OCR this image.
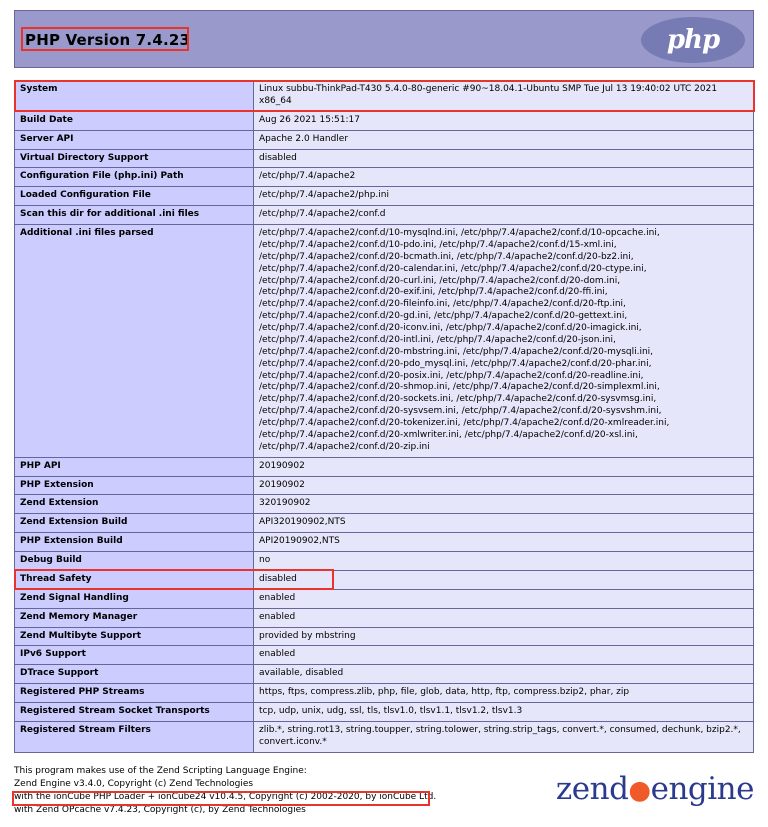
PHP Version 7.4.23	php
System	Linux subbu-ThinkPad-T430 5.4.0-80-generic #90~18.04.1-Ubuntu SMP Tue Jul 13 19:40:02 UTC 2021 x86_64
Build Date	Aug 26 2021 15:51:17
Server API	Apache 2.0 Handler
Virtual Directory Support	disabled
Configuration File (php.ini) Path	/etc/php/7.4/apache2
Loaded Configuration File	/etc/php/7.4/apache2/php.ini
Scan this dir for additional .ini files	/etc/php/7.4/apache2/conf.d
Additional .ini files parsed	/etc/php/7.4/apache2/conf.d/10-mysqlnd.ini, /etc/php/7.4/apache2/conf.d/10-opcache.ini, /etc/php/7.4/apache2/conf.d/10-pdo.ini, /etc/php/7.4/apache2/conf.d/15-xml.ini, /etc/php/7.4/apache2/conf.d/20-bcmath.ini, /etc/php/7.4/apache2/conf.d/20-bz2.ini, /etc/php/7.4/apache2/conf.d/20-calendar.ini, /etc/php/7.4/apache2/conf.d/20-ctype.ini, /etc/php/7.4/apache2/conf.d/20-curl.ini, /etc/php/7.4/apache2/conf.d/20-dom.ini, /etc/php/7.4/apache2/conf.d/20-exif.ini, /etc/php/7.4/apache2/conf.d/20-ffi.ini, /etc/php/7.4/apache2/conf.d/20-fileinfo.ini, /etc/php/7.4/apache2/conf.d/20-ftp.ini, /etc/php/7.4/apache2/conf.d/20-gd.ini, /etc/php/7.4/apache2/conf.d/20-gettext.ini, /etc/php/7.4/apache2/conf.d/20-iconv.ini, /etc/php/7.4/apache2/conf.d/20-imagick.ini, /etc/php/7.4/apache2/conf.d/20-intl.ini, /etc/php/7.4/apache2/conf.d/20-json.ini, /etc/php/7.4/apache2/conf.d/20-mbstring.ini, /etc/php/7.4/apache2/conf.d/20-mysqli.ini, /etc/php/7.4/apache2/conf.d/20-pdo_mysql.ini, /etc/php/7.4/apache2/conf.d/20-phar.ini, /etc/php/7.4/apache2/conf.d/20-posix.ini, /etc/php/7.4/apache2/conf.d/20-readline.ini, /etc/php/7.4/apache2/conf.d/20-shmop.ini, /etc/php/7.4/apache2/conf.d/20-simplexml.ini, /etc/php/7.4/apache2/conf.d/20-sockets.ini, /etc/php/7.4/apache2/conf.d/20-sysvmsg.ini, /etc/php/7.4/apache2/conf.d/20-sysvsem.ini, /etc/php/7.4/apache2/conf.d/20-sysvshm.ini, /etc/php/7.4/apache2/conf.d/20-tokenizer.ini, /etc/php/7.4/apache2/conf.d/20-xmlreader.ini, /etc/php/7.4/apache2/conf.d/20-xmlwriter.ini, /etc/php/7.4/apache2/conf.d/20-xsl.ini, /etc/php/7.4/apache2/conf.d/20-zip.ini
PHP API	20190902
PHP Extension	20190902
Zend Extension	320190902
Zend Extension Build	API320190902,NTS
PHP Extension Build	API20190902,NTS
Debug Build	no
Thread Safety	disabled
Zend Signal Handling	enabled
Zend Memory Manager	enabled
Zend Multibyte Support	provided by mbstring
IPv6 Support	enabled
DTrace Support	available, disabled
Registered PHP Streams	https, ftps, compress.zlib, php, file, glob, data, http, ftp, compress.bzip2, phar, zip
Registered Stream Socket Transports	tcp, udp, unix, udg, ssl, tls, tlsv1.0, tlsv1.1, tlsv1.2, tlsv1.3
Registered Stream Filters	zlib.*, string.rot13, string.toupper, string.tolower, string.strip_tags, convert.*, consumed, dechunk, bzip2.*, convert.iconv.*
This program makes use of the Zend Scripting Language Engine:
Zend Engine v3.4.0, Copyright (c) Zend Technologies
with the ionCube PHP Loader + ionCube24 v10.4.5, Copyright (c) 2002-2020, by ionCube Ltd.
with Zend OPcache v7.4.23, Copyright (c), by Zend Technologies
zend●engine
